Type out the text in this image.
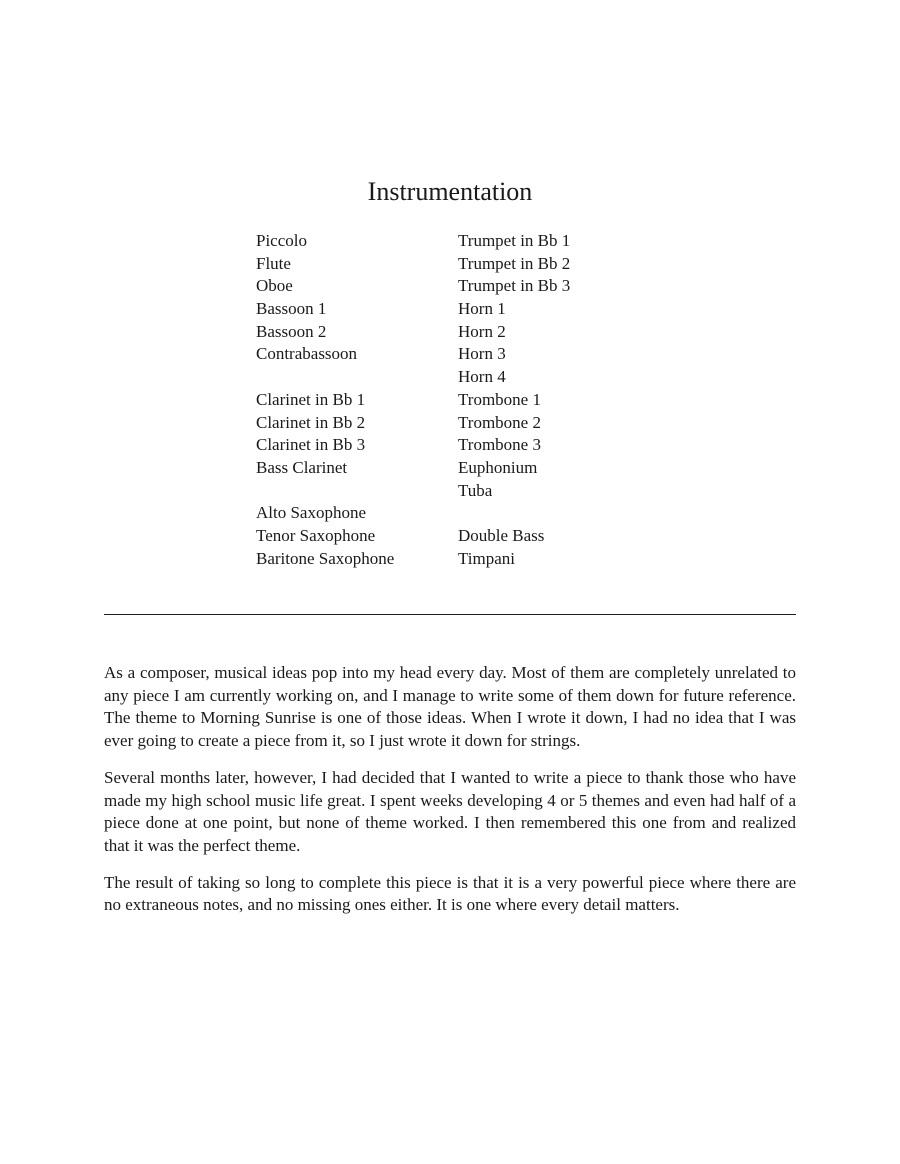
Instrumentation
Piccolo
Flute
Oboe
Bassoon 1
Bassoon 2
Contrabassoon
Clarinet in Bb 1
Clarinet in Bb 2
Clarinet in Bb 3
Bass Clarinet
Alto Saxophone
Tenor Saxophone
Baritone Saxophone
Trumpet in Bb 1
Trumpet in Bb 2
Trumpet in Bb 3
Horn 1
Horn 2
Horn 3
Horn 4
Trombone 1
Trombone 2
Trombone 3
Euphonium
Tuba
Double Bass
Timpani

As a composer, musical ideas pop into my head every day. Most of them are completely unrelated to any piece I am currently working on, and I manage to write some of them down for future reference. The theme to Morning Sunrise is one of those ideas. When I wrote it down, I had no idea that I was ever going to create a piece from it, so I just wrote it down for strings.

Several months later, however, I had decided that I wanted to write a piece to thank those who have made my high school music life great. I spent weeks developing 4 or 5 themes and even had half of a piece done at one point, but none of theme worked. I then remembered this one from and realized that it was the perfect theme.

The result of taking so long to complete this piece is that it is a very powerful piece where there are no extraneous notes, and no missing ones either. It is one where every detail matters.
